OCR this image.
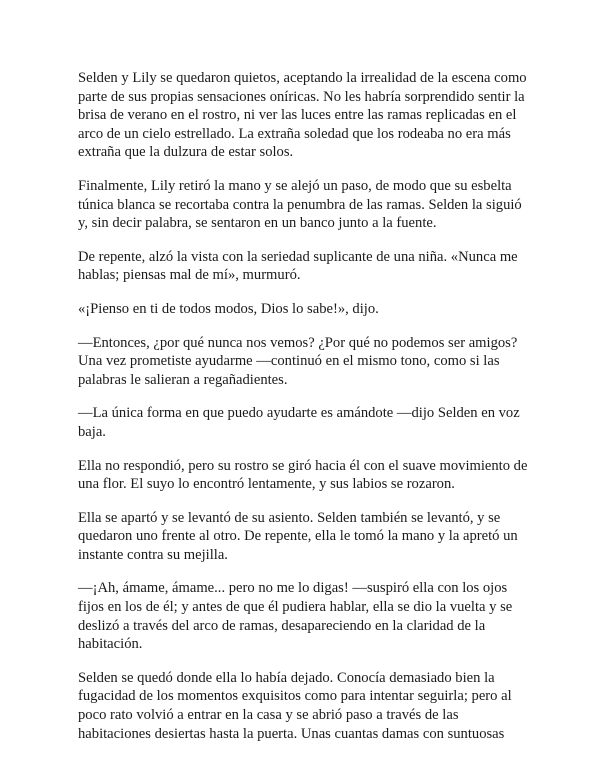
Selden y Lily se quedaron quietos, aceptando la irrealidad de la escena como parte de sus propias sensaciones oníricas. No les habría sorprendido sentir la brisa de verano en el rostro, ni ver las luces entre las ramas replicadas en el arco de un cielo estrellado. La extraña soledad que los rodeaba no era más extraña que la dulzura de estar solos.

Finalmente, Lily retiró la mano y se alejó un paso, de modo que su esbelta túnica blanca se recortaba contra la penumbra de las ramas. Selden la siguió y, sin decir palabra, se sentaron en un banco junto a la fuente.

De repente, alzó la vista con la seriedad suplicante de una niña. «Nunca me hablas; piensas mal de mí», murmuró.

«¡Pienso en ti de todos modos, Dios lo sabe!», dijo.

—Entonces, ¿por qué nunca nos vemos? ¿Por qué no podemos ser amigos? Una vez prometiste ayudarme —continuó en el mismo tono, como si las palabras le salieran a regañadientes.

—La única forma en que puedo ayudarte es amándote —dijo Selden en voz baja.

Ella no respondió, pero su rostro se giró hacia él con el suave movimiento de una flor. El suyo lo encontró lentamente, y sus labios se rozaron.

Ella se apartó y se levantó de su asiento. Selden también se levantó, y se quedaron uno frente al otro. De repente, ella le tomó la mano y la apretó un instante contra su mejilla.

—¡Ah, ámame, ámame... pero no me lo digas! —suspiró ella con los ojos fijos en los de él; y antes de que él pudiera hablar, ella se dio la vuelta y se deslizó a través del arco de ramas, desapareciendo en la claridad de la habitación.

Selden se quedó donde ella lo había dejado. Conocía demasiado bien la fugacidad de los momentos exquisitos como para intentar seguirla; pero al poco rato volvió a entrar en la casa y se abrió paso a través de las habitaciones desiertas hasta la puerta. Unas cuantas damas con suntuosas
